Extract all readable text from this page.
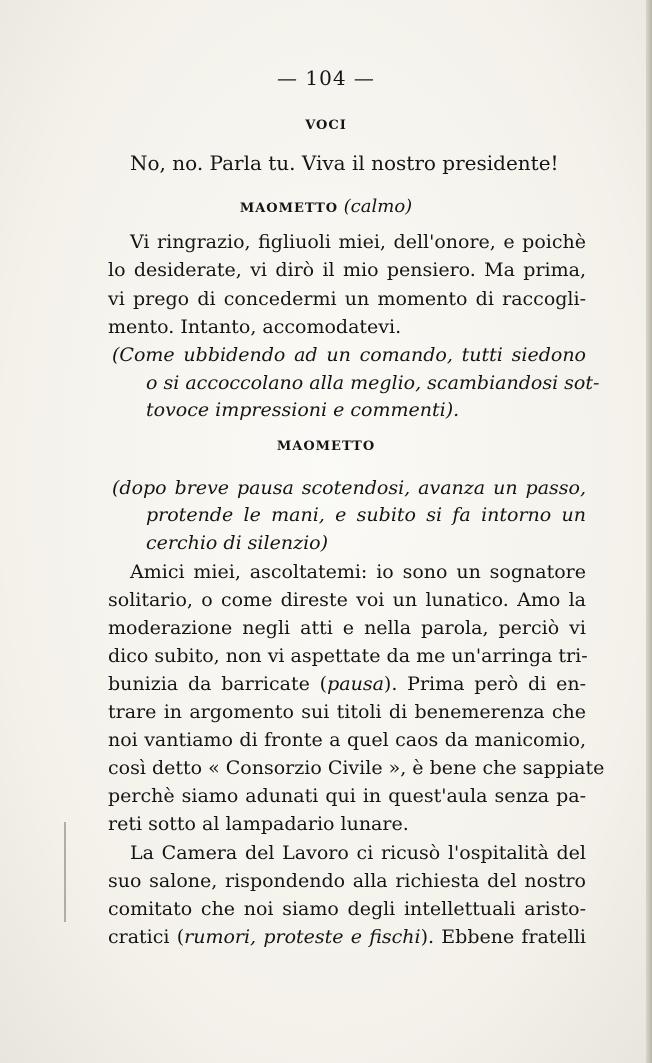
— 104 —
VOCI
No, no. Parla tu. Viva il nostro presidente!
MAOMETTO (calmo)
Vi ringrazio, figliuoli miei, dell'onore, e poichè
lo desiderate, vi dirò il mio pensiero. Ma prima,
vi prego di concedermi un momento di raccogli-
mento. Intanto, accomodatevi.
(Come ubbidendo ad un comando, tutti siedono
o si accoccolano alla meglio, scambiandosi sot-
tovoce impressioni e commenti).
MAOMETTO
(dopo breve pausa scotendosi, avanza un passo,
protende le mani, e subito si fa intorno un
cerchio di silenzio)
Amici miei, ascoltatemi: io sono un sognatore
solitario, o come direste voi un lunatico. Amo la
moderazione negli atti e nella parola, perciò vi
dico subito, non vi aspettate da me un'arringa tri-
bunizia da barricate (pausa). Prima però di en-
trare in argomento sui titoli di benemerenza che
noi vantiamo di fronte a quel caos da manicomio,
così detto « Consorzio Civile », è bene che sappiate
perchè siamo adunati qui in quest'aula senza pa-
reti sotto al lampadario lunare.
La Camera del Lavoro ci ricusò l'ospitalità del
suo salone, rispondendo alla richiesta del nostro
comitato che noi siamo degli intellettuali aristo-
cratici (rumori, proteste e fischi). Ebbene fratelli
